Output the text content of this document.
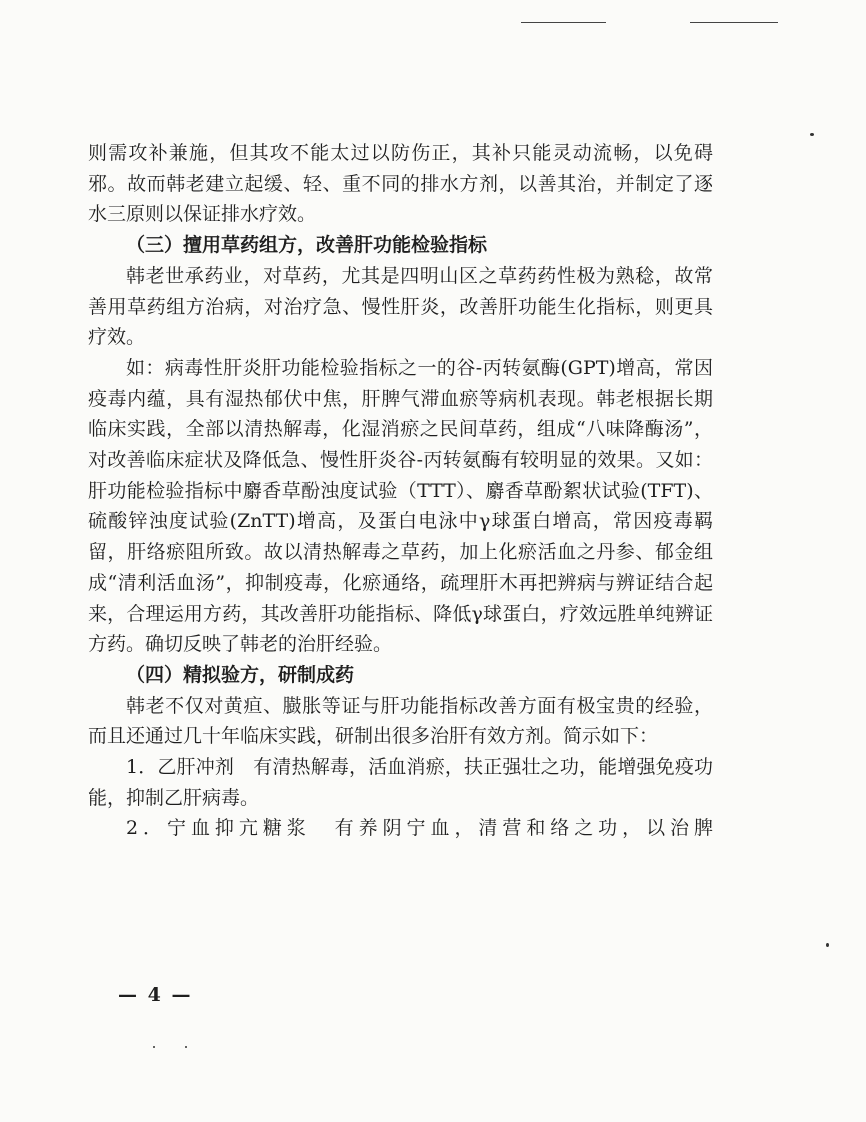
则需攻补兼施，但其攻不能太过以防伤正，其补只能灵动流畅，以免碍邪。故而韩老建立起缓、轻、重不同的排水方剂，以善其治，并制定了逐水三原则以保证排水疗效。

（三）擅用草药组方，改善肝功能检验指标

韩老世承药业，对草药，尤其是四明山区之草药药性极为熟稔，故常善用草药组方治病，对治疗急、慢性肝炎，改善肝功能生化指标，则更具疗效。

如：病毒性肝炎肝功能检验指标之一的谷-丙转氨酶(GPT)增高，常因疫毒内蕴，具有湿热郁伏中焦，肝脾气滞血瘀等病机表现。韩老根据长期临床实践，全部以清热解毒，化湿消瘀之民间草药，组成“八味降酶汤”，对改善临床症状及降低急、慢性肝炎谷-丙转氨酶有较明显的效果。又如：肝功能检验指标中麝香草酚浊度试验（TTT）、麝香草酚絮状试验(TFT)、硫酸锌浊度试验(ZnTT)增高，及蛋白电泳中γ球蛋白增高，常因疫毒羁留，肝络瘀阻所致。故以清热解毒之草药，加上化瘀活血之丹参、郁金组成“清利活血汤”，抑制疫毒，化瘀通络，疏理肝木再把辨病与辨证结合起来，合理运用方药，其改善肝功能指标、降低γ球蛋白，疗效远胜单纯辨证方药。确切反映了韩老的治肝经验。

（四）精拟验方，研制成药

韩老不仅对黄疸、臌胀等证与肝功能指标改善方面有极宝贵的经验，而且还通过几十年临床实践，研制出很多治肝有效方剂。简示如下：

1．乙肝冲剂　有清热解毒，活血消瘀，扶正强壮之功，能增强免疫功能，抑制乙肝病毒。

2．宁血抑亢糖浆　有养阴宁血，清营和络之功，以治脾

— 4 —
